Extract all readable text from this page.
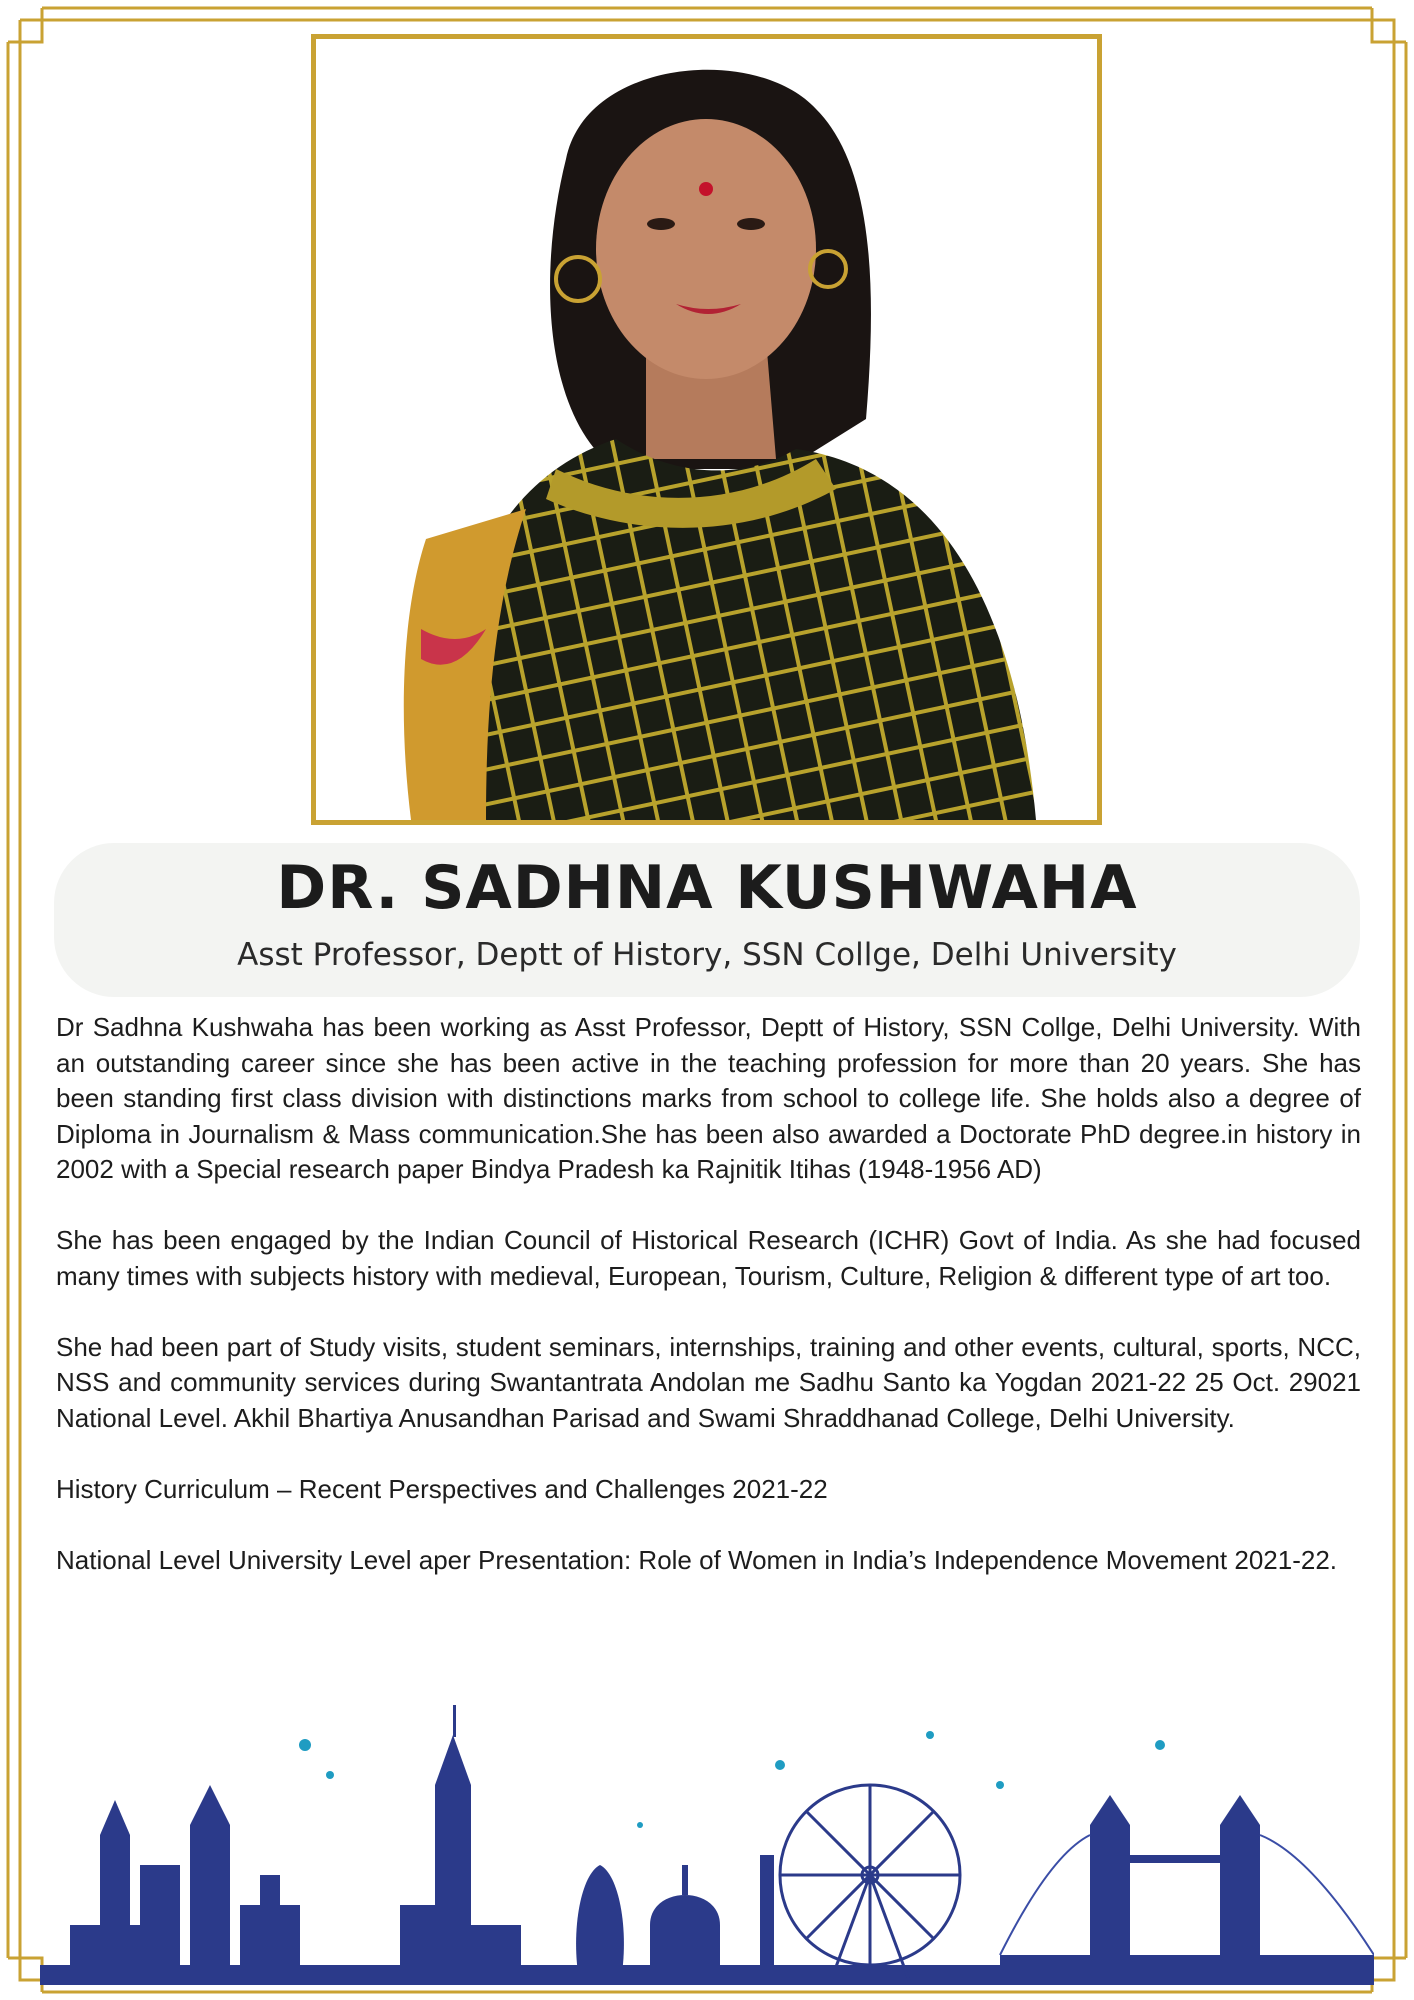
DR. SADHNA KUSHWAHA

Asst Professor, Deptt of History, SSN Collge, Delhi University

Dr Sadhna Kushwaha has been working as Asst Professor, Deptt of History, SSN Collge, Delhi University. With an outstanding career since she has been active in the teaching profession for more than 20 years. She has been standing first class division with distinctions marks from school to college life. She holds also a degree of Diploma in Journalism & Mass communication.She has been also awarded a Doctorate PhD degree.in history in 2002 with a Special research paper Bindya Pradesh ka Rajnitik Itihas (1948-1956 AD)

She has been engaged by the Indian Council of Historical Research (ICHR) Govt of India. As she had focused many times with subjects history with medieval, European, Tourism, Culture, Religion & different type of art too.

She had been part of Study visits, student seminars, internships, training and other events, cultural, sports, NCC, NSS and community services during Swantantrata Andolan me Sadhu Santo ka Yogdan 2021-22 25 Oct. 29021 National Level. Akhil Bhartiya Anusandhan Parisad and Swami Shraddhanad College, Delhi University.

History Curriculum – Recent Perspectives and Challenges 2021-22

National Level University Level aper Presentation: Role of Women in India’s Independence Movement 2021-22.
